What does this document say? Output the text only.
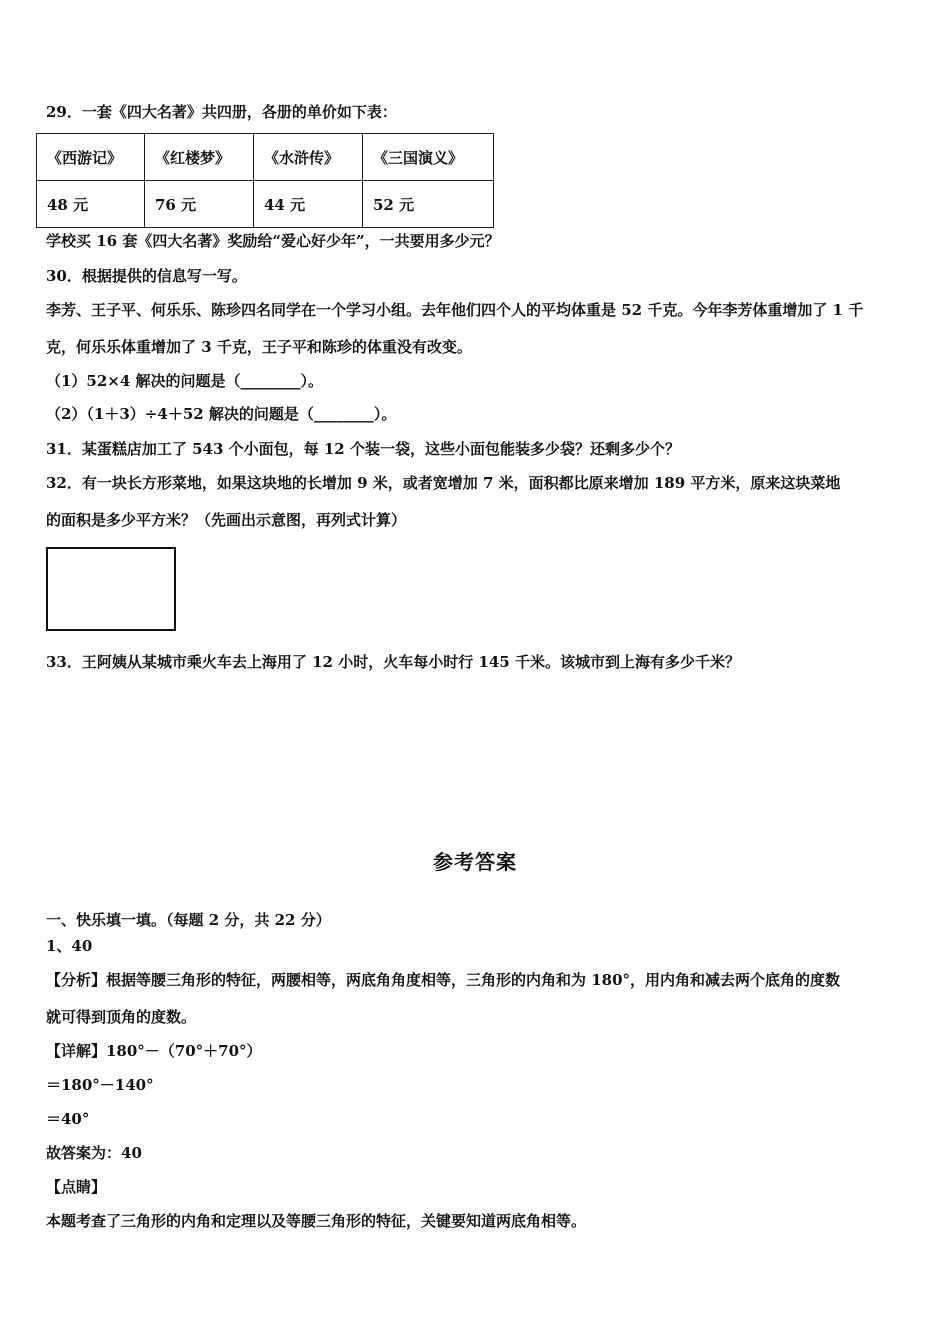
29．一套《四大名著》共四册，各册的单价如下表：

《西游记》	《红楼梦》	《水浒传》	《三国演义》
48 元	76 元	44 元	52 元

学校买 16 套《四大名著》奖励给“爱心好少年”，一共要用多少元？

30．根据提供的信息写一写。

李芳、王子平、何乐乐、陈珍四名同学在一个学习小组。去年他们四个人的平均体重是 52 千克。今年李芳体重增加了 1 千

克，何乐乐体重增加了 3 千克，王子平和陈珍的体重没有改变。

（1）52×4 解决的问题是（________）。

（2）（1＋3）÷4＋52 解决的问题是（________）。

31．某蛋糕店加工了 543 个小面包，每 12 个装一袋，这些小面包能装多少袋？还剩多少个？

32．有一块长方形菜地，如果这块地的长增加 9 米，或者宽增加 7 米，面积都比原来增加 189 平方米，原来这块菜地

的面积是多少平方米？（先画出示意图，再列式计算）

33．王阿姨从某城市乘火车去上海用了 12 小时，火车每小时行 145 千米。该城市到上海有多少千米？

参考答案

一、快乐填一填。（每题 2 分，共 22 分）

1、40

【分析】根据等腰三角形的特征，两腰相等，两底角角度相等，三角形的内角和为 180°，用内角和减去两个底角的度数

就可得到顶角的度数。

【详解】180°－（70°＋70°）

＝180°－140°

＝40°

故答案为：40

【点睛】

本题考查了三角形的内角和定理以及等腰三角形的特征，关键要知道两底角相等。
